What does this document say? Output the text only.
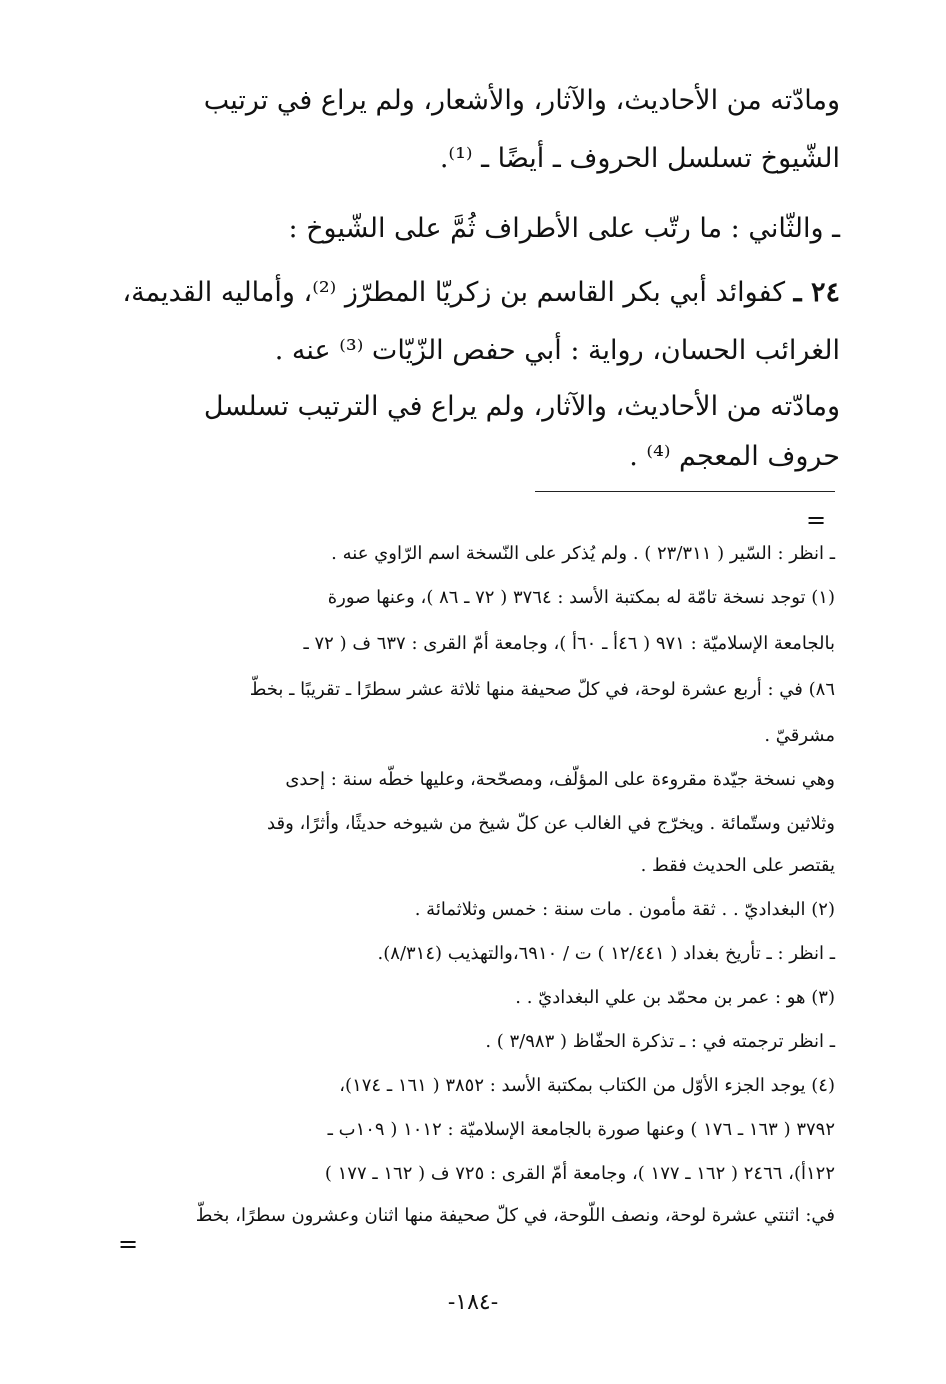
ومادّته من الأحاديث، والآثار، والأشعار، ولم يراع في ترتيب
الشّيوخ تسلسل الحروف ـ أيضًا ـ ⁽¹⁾.
ـ والثّاني : ما رتّب على الأطراف ثُمَّ على الشّيوخ :
٢٤ ـ كفوائد أبي بكر القاسم بن زكريّا المطرّز ⁽²⁾، وأماليه القديمة،
الغرائب الحسان، رواية : أبي حفص الزّيّات ⁽³⁾ عنه .
ومادّته من الأحاديث، والآثار، ولم يراع في الترتيب تسلسل
حروف المعجم ⁽⁴⁾ .
=
ـ انظر : السّير ( ٢٣/٣١١ ) . ولم يُذكر على النّسخة اسم الرّاوي عنه .
(١) توجد نسخة تامّة له بمكتبة الأسد : ٣٧٦٤ ( ٧٢ ـ ٨٦ )، وعنها صورة
بالجامعة الإسلاميّة : ٩٧١ ( ٤٦أ ـ ٦٠أ )، وجامعة أمّ القرى : ٦٣٧ ف ( ٧٢ ـ
٨٦) في : أربع عشرة لوحة، في كلّ صحيفة منها ثلاثة عشر سطرًا ـ تقريبًا ـ بخطّ
مشرقيّ .
وهي نسخة جيّدة مقروءة على المؤلّف، ومصحّحة، وعليها خطّه سنة : إحدى
وثلاثين وستّمائة . ويخرّج في الغالب عن كلّ شيخ من شيوخه حديثًا، وأثرًا، وقد
يقتصر على الحديث فقط .
(٢) البغداديّ . . ثقة مأمون . مات سنة : خمس وثلاثمائة .
ـ انظر : ـ تأريخ بغداد ( ١٢/٤٤١ ) ت / ٦٩١٠،والتهذيب (٨/٣١٤).
(٣) هو : عمر بن محمّد بن علي البغداديّ . .
ـ انظر ترجمته في : ـ تذكرة الحفّاظ ( ٣/٩٨٣ ) .
(٤) يوجد الجزء الأوّل من الكتاب بمكتبة الأسد : ٣٨٥٢ ( ١٦١ ـ ١٧٤)،
٣٧٩٢ ( ١٦٣ ـ ١٧٦ ) وعنها صورة بالجامعة الإسلاميّة : ١٠١٢ ( ١٠٩ب ـ
١٢٢أ)، ٢٤٦٦ ( ١٦٢ ـ ١٧٧ )، وجامعة أمّ القرى : ٧٢٥ ف ( ١٦٢ ـ ١٧٧ )
في: اثنتي عشرة لوحة، ونصف اللّوحة، في كلّ صحيفة منها اثنان وعشرون سطرًا، بخطّ
=
-١٨٤-
